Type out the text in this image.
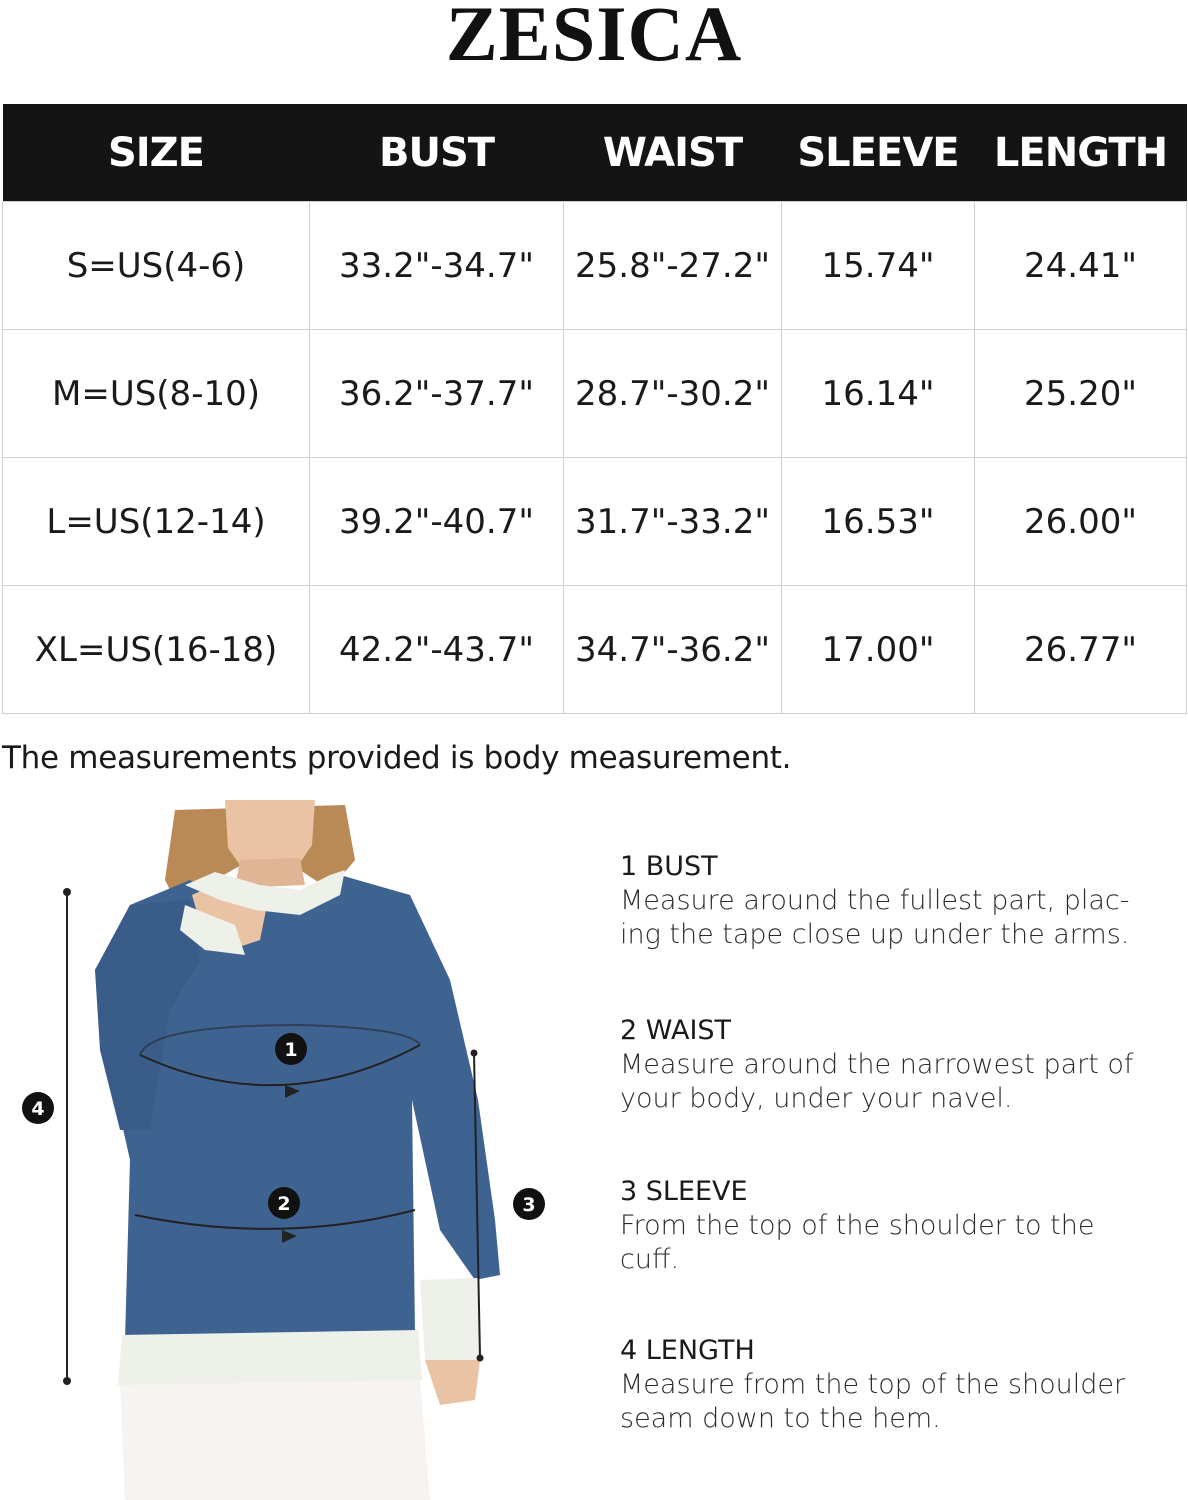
ZESICA
SIZE	BUST	WAIST	SLEEVE	LENGTH
S=US(4-6)	33.2"-34.7"	25.8"-27.2"	15.74"	24.41"
M=US(8-10)	36.2"-37.7"	28.7"-30.2"	16.14"	25.20"
L=US(12-14)	39.2"-40.7"	31.7"-33.2"	16.53"	26.00"
XL=US(16-18)	42.2"-43.7"	34.7"-36.2"	17.00"	26.77"
The measurements provided is body measurement.
1
2	3
4

1 BUST

Measure around the fullest part, plac-

ing the tape close up under the arms.

2 WAIST

Measure around the narrowest part of

your body, under your navel.

3 SLEEVE

From the top of the shoulder to the

cuff.

4 LENGTH

Measure from the top of the shoulder

seam down to the hem.
